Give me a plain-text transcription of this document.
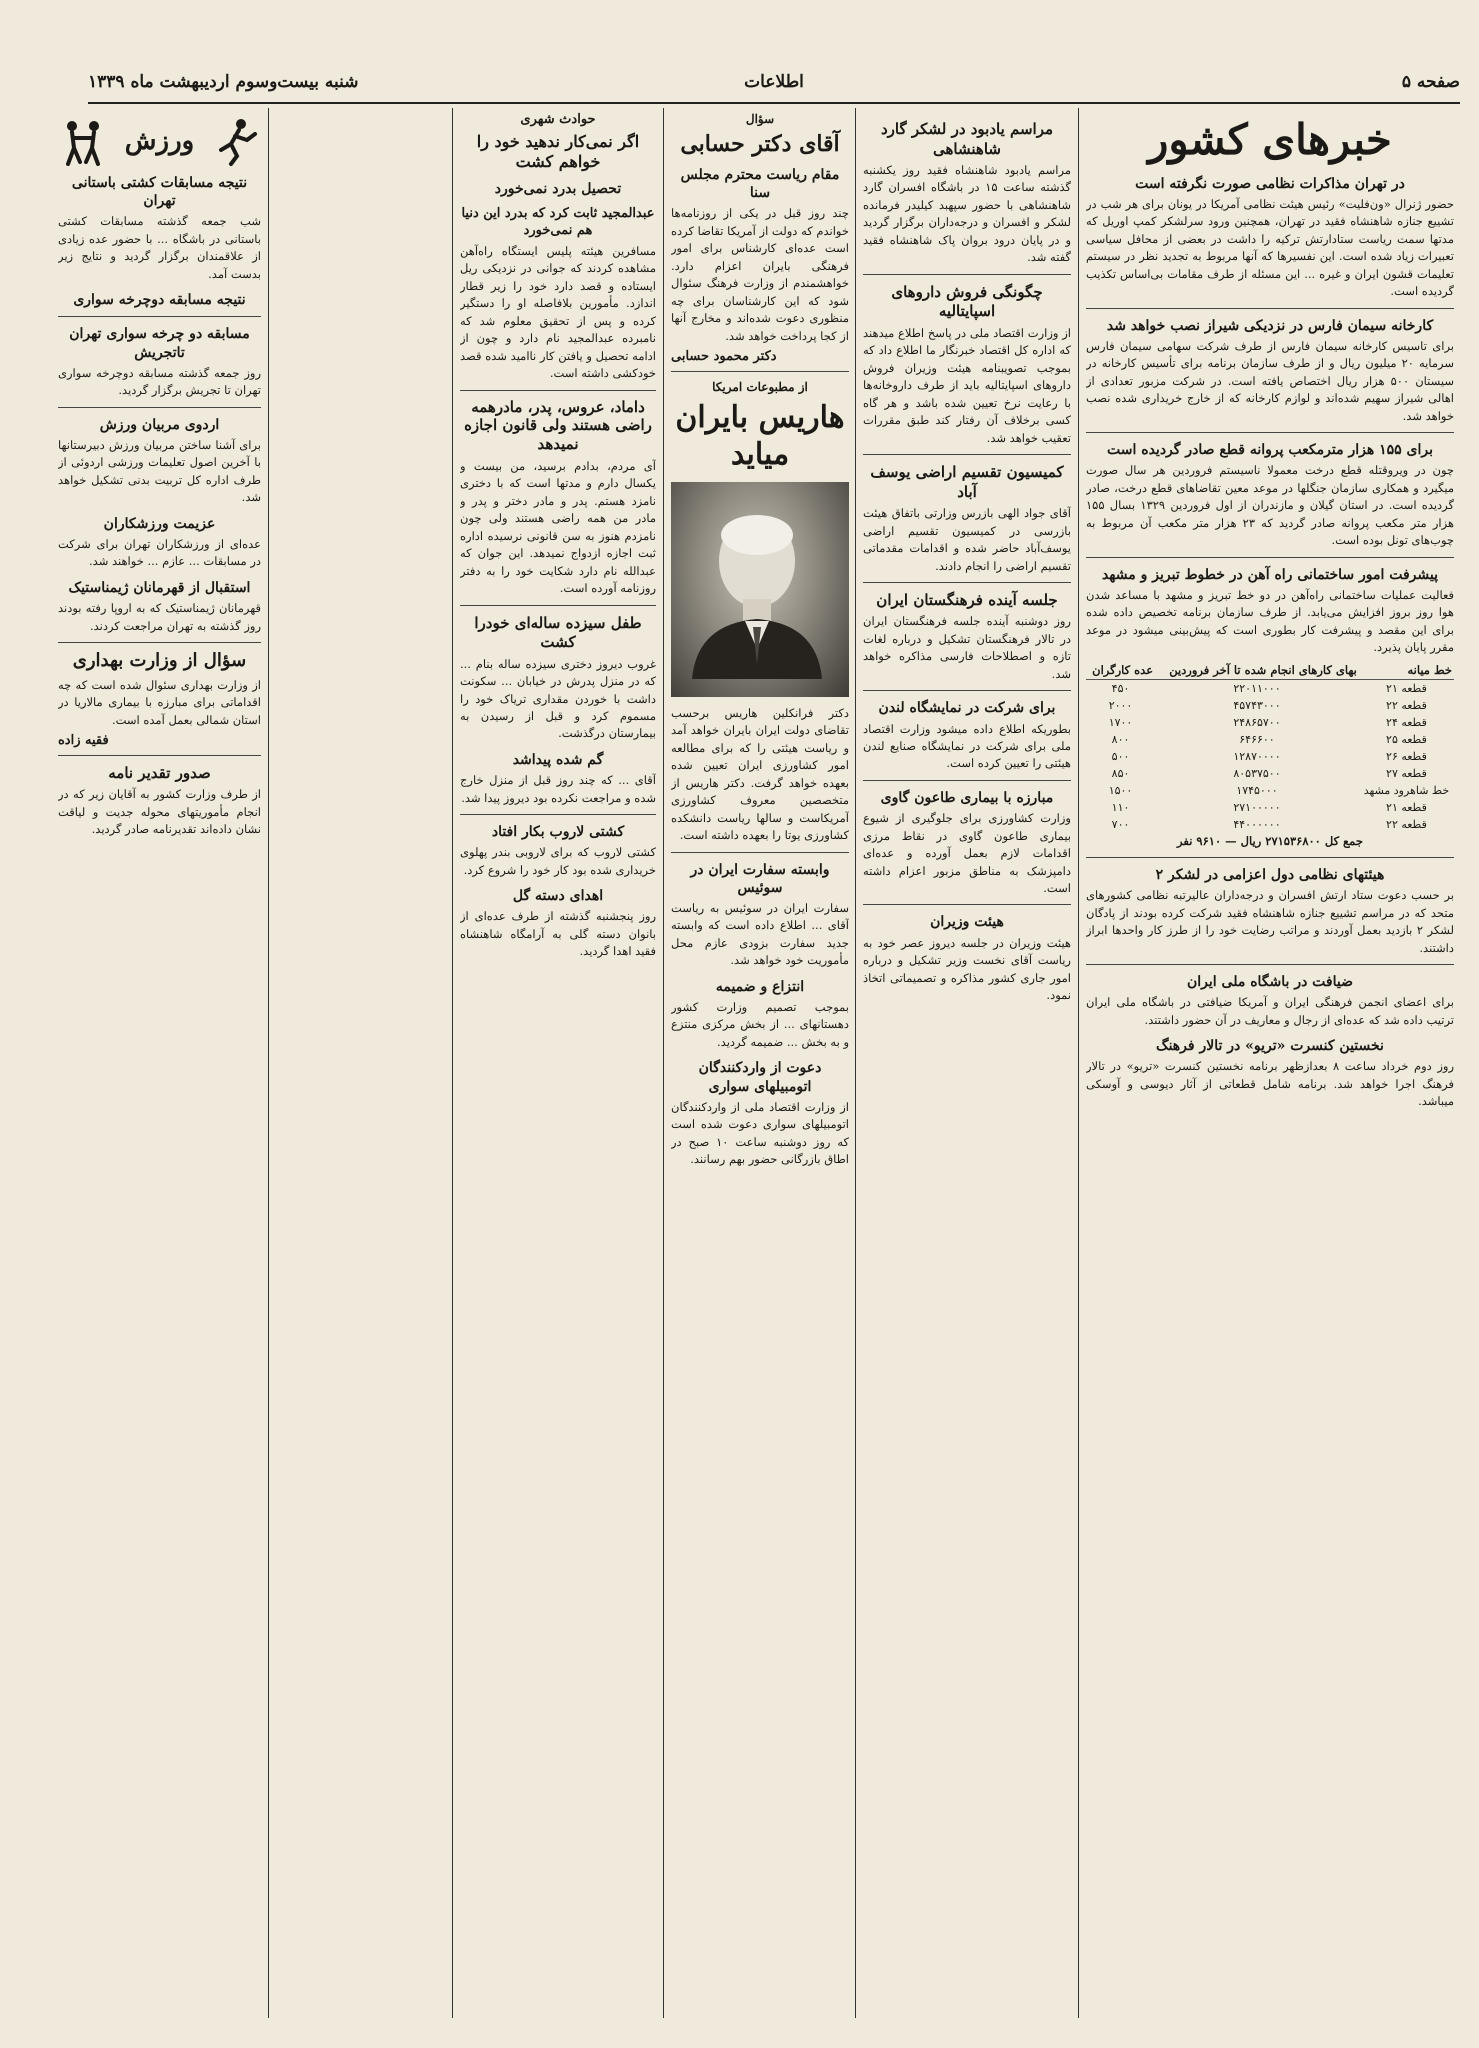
صفحه ۵
اطلاعات
شنبه بیست‌وسوم اردیبهشت ماه ۱۳۳۹
خبرهای کشور
در تهران مذاکرات نظامی صورت نگرفته است

حضور ژنرال «ون‌فلیت» رئیس هیئت نظامی آمریکا در یونان برای هر شب در تشییع جنازه شاهنشاه فقید در تهران، همچنین ورود سرلشکر کمپ اوریل که مدتها سمت ریاست ستادارتش ترکیه را داشت در بعضی از محافل سیاسی تعبیرات زیاد شده است. این نفسیرها که آنها مربوط به تجدید نظر در سیستم تعلیمات قشون ایران و غیره ... این مسئله از طرف مقامات بی‌اساس تکذیب گردیده است.

کارخانه سیمان فارس در نزدیکی شیراز نصب خواهد شد

برای تاسیس کارخانه سیمان فارس از طرف شرکت سهامی سیمان فارس سرمایه ۲۰ میلیون ریال و از طرف سازمان برنامه برای تأسیس کارخانه در سیستان ۵۰۰ هزار ریال اختصاص یافته است. در شرکت مزبور تعدادی از اهالی شیراز سهیم شده‌اند و لوازم کارخانه که از خارج خریداری شده نصب خواهد شد.

برای ۱۵۵ هزار مترمکعب پروانه قطع صادر گردیده است

چون در ویروقتله قطع درخت معمولا ناسیستم فروردین هر سال صورت میگیرد و همکاری سازمان جنگلها در موعد معین تقاضاهای قطع درخت، صادر گردیده است. در استان گیلان و مازندران از اول فروردین ۱۳۲۹ بسال ۱۵۵ هزار متر مکعب پروانه صادر گردید که ۲۳ هزار متر مکعب آن مربوط به چوب‌های تونل بوده است.

پیشرفت امور ساختمانی راه آهن در خطوط تبریز و مشهد

فعالیت عملیات ساختمانی راه‌آهن در دو خط تبریز و مشهد با مساعد شدن هوا روز بروز افزایش می‌یابد. از طرف سازمان برنامه تخصیص داده شده برای این مقصد و پیشرفت کار بطوری است که پیش‌بینی میشود در موعد مقرر پایان پذیرد.

خط میانه	بهای کارهای انجام شده تا آخر فروردین	عده کارگران
قطعه ۲۱	۲۲۰۱۱۰۰۰	۴۵۰
قطعه ۲۲	۴۵۷۴۳۰۰۰	۲۰۰۰
قطعه ۲۴	۲۴۸۶۵۷۰۰	۱۷۰۰
قطعه ۲۵	۶۴۶۶۰۰	۸۰۰
قطعه ۲۶	۱۲۸۷۰۰۰۰	۵۰۰
قطعه ۲۷	۸۰۵۳۷۵۰۰	۸۵۰
خط شاهرود مشهد	۱۷۴۵۰۰۰	۱۵۰۰
قطعه ۲۱	۲۷۱۰۰۰۰۰	۱۱۰
قطعه ۲۲	۴۴۰۰۰۰۰۰	۷۰۰

جمع کل ۲۷۱۵۳۶۸۰۰ ریال — ۹۶۱۰ نفر

هیئتهای نظامی دول اعزامی در لشکر ۲

بر حسب دعوت ستاد ارتش افسران و درجه‌داران عالیرتبه نظامی کشورهای متحد که در مراسم تشییع جنازه شاهنشاه فقید شرکت کرده بودند از پادگان لشکر ۲ بازدید بعمل آوردند و مراتب رضایت خود را از طرز کار واحدها ابراز داشتند.

ضیافت در باشگاه ملی ایران

برای اعضای انجمن فرهنگی ایران و آمریکا ضیافتی در باشگاه ملی ایران ترتیب داده شد که عده‌ای از رجال و معاریف در آن حضور داشتند.

نخستین کنسرت «تریو» در تالار فرهنگ

روز دوم خرداد ساعت ۸ بعدازظهر برنامه نخستین کنسرت «تریو» در تالار فرهنگ اجرا خواهد شد. برنامه شامل قطعاتی از آثار دیوسی و آوسکی میباشد.

مراسم یادبود در لشکر گارد شاهنشاهی

مراسم یادبود شاهنشاه فقید روز یکشنبه گذشته ساعت ۱۵ در باشگاه افسران گارد شاهنشاهی با حضور سپهبد کیلیدر فرمانده لشکر و افسران و درجه‌داران برگزار گردید و در پایان درود بروان پاک شاهنشاه فقید گفته شد.

چگونگی فروش داروهای اسپایتالیه

از وزارت اقتصاد ملی در پاسخ اطلاع میدهند که اداره کل اقتصاد خبرنگار ما اطلاع داد که بموجب تصویبنامه هیئت وزیران فروش داروهای اسپایتالیه باید از طرف داروخانه‌ها با رعایت نرخ تعیین شده باشد و هر گاه کسی برخلاف آن رفتار کند طبق مقررات تعقیب خواهد شد.

کمیسیون تقسیم اراضی یوسف آباد

آقای جواد الهی بازرس وزارتی باتفاق هیئت بازرسی در کمیسیون تقسیم اراضی یوسف‌آباد حاضر شده و اقدامات مقدماتی تقسیم اراضی را انجام دادند.

جلسه آینده فرهنگستان ایران

روز دوشنبه آینده جلسه فرهنگستان ایران در تالار فرهنگستان تشکیل و درباره لغات تازه و اصطلاحات فارسی مذاکره خواهد شد.

برای شرکت در نمایشگاه لندن

بطوریکه اطلاع داده میشود وزارت اقتصاد ملی برای شرکت در نمایشگاه صنایع لندن هیئتی را تعیین کرده است.

مبارزه با بیماری طاعون گاوی

وزارت کشاورزی برای جلوگیری از شیوع بیماری طاعون گاوی در نقاط مرزی اقدامات لازم بعمل آورده و عده‌ای دامپزشک به مناطق مزبور اعزام داشته است.

هیئت وزیران

هیئت وزیران در جلسه دیروز عصر خود به ریاست آقای نخست وزیر تشکیل و درباره امور جاری کشور مذاکره و تصمیماتی اتخاذ نمود.

سؤال
آقای دکتر حسابی
مقام ریاست محترم مجلس سنا

چند روز قبل در یکی از روزنامه‌ها خواندم که دولت از آمریکا تقاضا کرده است عده‌ای کارشناس برای امور فرهنگی بایران اعزام دارد. خواهشمندم از وزارت فرهنگ سئوال شود که این کارشناسان برای چه منظوری دعوت شده‌اند و مخارج آنها از کجا پرداخت خواهد شد.

دکتر محمود حسابی
از مطبوعات امریکا
هاریس بایران میاید

دکتر فرانکلین هاریس برحسب تقاضای دولت ایران بایران خواهد آمد و ریاست هیئتی را که برای مطالعه امور کشاورزی ایران تعیین شده بعهده خواهد گرفت. دکتر هاریس از متخصصین معروف کشاورزی آمریکاست و سالها ریاست دانشکده کشاورزی یوتا را بعهده داشته است.

وابسته سفارت ایران در سوئیس

سفارت ایران در سوئیس به ریاست آقای ... اطلاع داده است که وابسته جدید سفارت بزودی عازم محل مأموریت خود خواهد شد.

انتزاع و ضمیمه

بموجب تصمیم وزارت کشور دهستانهای ... از بخش مرکزی منتزع و به بخش ... ضمیمه گردید.

دعوت از واردکنندگان اتومبیلهای سواری

از وزارت اقتصاد ملی از واردکنندگان اتومبیلهای سواری دعوت شده است که روز دوشنبه ساعت ۱۰ صبح در اطاق بازرگانی حضور بهم رسانند.

حوادث شهری
اگر نمی‌کار ندهید خود را خواهم کشت
تحصیل بدرد نمی‌خورد
عبدالمجید ثابت کرد که بدرد این دنیا هم نمی‌خورد

مسافرین هیئته پلیس ایستگاه راه‌آهن مشاهده کردند که جوانی در نزدیکی ریل ایستاده و قصد دارد خود را زیر قطار اندازد. مأمورین بلافاصله او را دستگیر کرده و پس از تحقیق معلوم شد که نامبرده عبدالمجید نام دارد و چون از ادامه تحصیل و یافتن کار ناامید شده قصد خودکشی داشته است.

داماد، عروس، پدر، مادرهمه راضی هستند ولی قانون اجازه نمیدهد

آی مردم، بدادم برسید، من بیست و یکسال دارم و مدتها است که با دختری نامزد هستم. پدر و مادر دختر و پدر و مادر من همه راضی هستند ولی چون نامزدم هنوز به سن قانونی نرسیده اداره ثبت اجازه ازدواج نمیدهد. این جوان که عبدالله نام دارد شکایت خود را به دفتر روزنامه آورده است.

طفل سیزده ساله‌ای خودرا کشت

غروب دیروز دختری سیزده ساله بنام ... که در منزل پدرش در خیابان ... سکونت داشت با خوردن مقداری تریاک خود را مسموم کرد و قبل از رسیدن به بیمارستان درگذشت.

گم شده پیداشد

آقای ... که چند روز قبل از منزل خارج شده و مراجعت نکرده بود دیروز پیدا شد.

کشتی لاروب بکار افتاد

کشتی لاروب که برای لاروبی بندر پهلوی خریداری شده بود کار خود را شروع کرد.

اهدای دسته گل

روز پنجشنبه گذشته از طرف عده‌ای از بانوان دسته گلی به آرامگاه شاهنشاه فقید اهدا گردید.

ورزش
نتیجه مسابقات کشتی باستانی تهران

شب جمعه گذشته مسابقات کشتی باستانی در باشگاه ... با حضور عده زیادی از علاقمندان برگزار گردید و نتایج زیر بدست آمد.

نتیجه مسابقه دوچرخه سواری
مسابقه دو چرخه سواری تهران تاتجریش

روز جمعه گذشته مسابقه دوچرخه سواری تهران تا تجریش برگزار گردید.

اردوی مربیان ورزش

برای آشنا ساختن مربیان ورزش دبیرستانها با آخرین اصول تعلیمات ورزشی اردوئی از طرف اداره کل تربیت بدنی تشکیل خواهد شد.

عزیمت ورزشکاران

عده‌ای از ورزشکاران تهران برای شرکت در مسابقات ... عازم ... خواهند شد.

استقبال از قهرمانان ژیمناستیک

قهرمانان ژیمناستیک که به اروپا رفته بودند روز گذشته به تهران مراجعت کردند.

سؤال از وزارت بهداری

از وزارت بهداری سئوال شده است که چه اقداماتی برای مبارزه با بیماری مالاریا در استان شمالی بعمل آمده است.

فقیه زاده
صدور تقدیر نامه

از طرف وزارت کشور به آقایان زیر که در انجام مأموریتهای محوله جدیت و لیاقت نشان داده‌اند تقدیرنامه صادر گردید.
